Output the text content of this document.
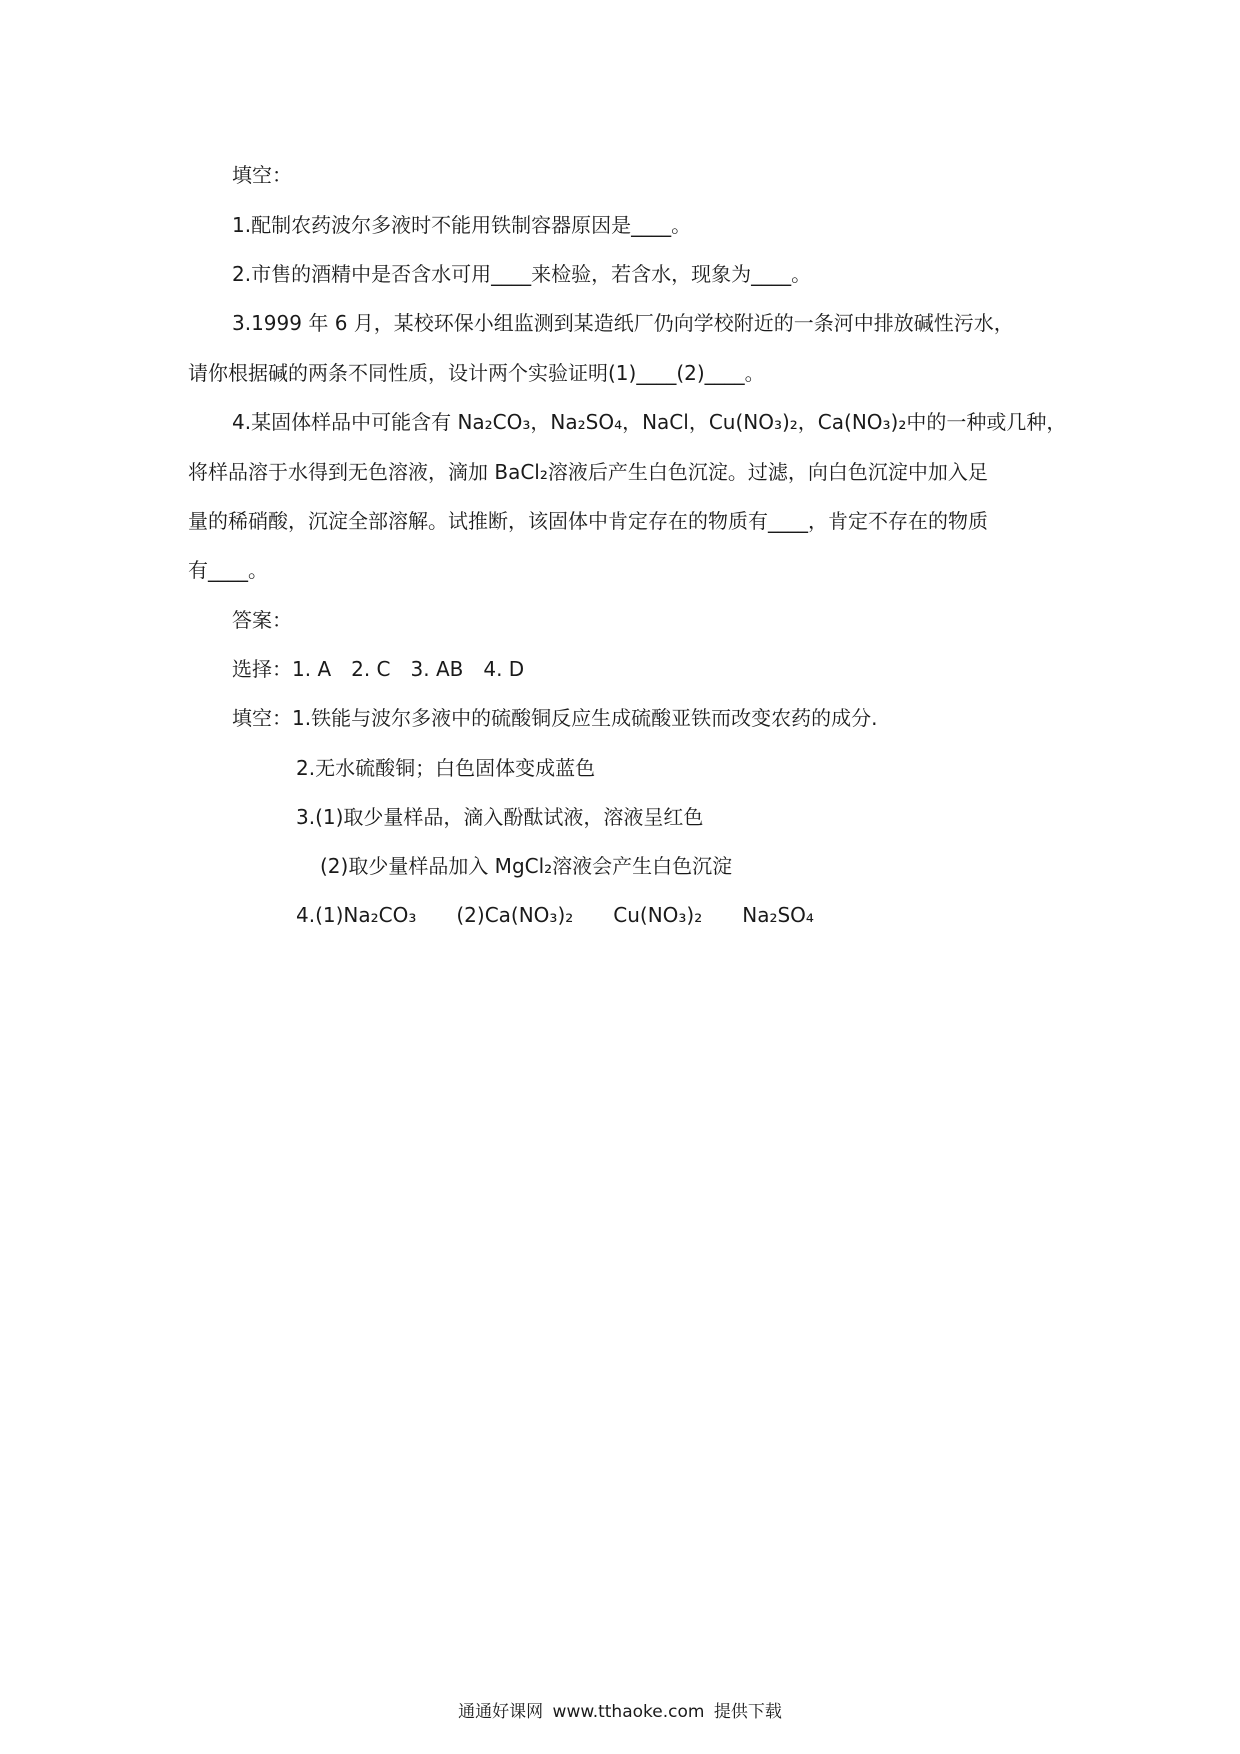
填空：
1.配制农药波尔多液时不能用铁制容器原因是____。
2.市售的酒精中是否含水可用____来检验，若含水，现象为____。
3.1999 年 6 月，某校环保小组监测到某造纸厂仍向学校附近的一条河中排放碱性污水，
请你根据碱的两条不同性质，设计两个实验证明(1)____(2)____。
4.某固体样品中可能含有 Na₂CO₃，Na₂SO₄，NaCl，Cu(NO₃)₂，Ca(NO₃)₂中的一种或几种，
将样品溶于水得到无色溶液，滴加 BaCl₂溶液后产生白色沉淀。过滤，向白色沉淀中加入足
量的稀硝酸，沉淀全部溶解。试推断，该固体中肯定存在的物质有____，肯定不存在的物质
有____。
答案：
选择：1. A　2. C　3. AB　4. D
填空：1.铁能与波尔多液中的硫酸铜反应生成硫酸亚铁而改变农药的成分.
2.无水硫酸铜；白色固体变成蓝色
3.(1)取少量样品，滴入酚酞试液，溶液呈红色
(2)取少量样品加入 MgCl₂溶液会产生白色沉淀
4.(1)Na₂CO₃　　(2)Ca(NO₃)₂　　Cu(NO₃)₂　　Na₂SO₄
通通好课网 www.tthaoke.com 提供下载
